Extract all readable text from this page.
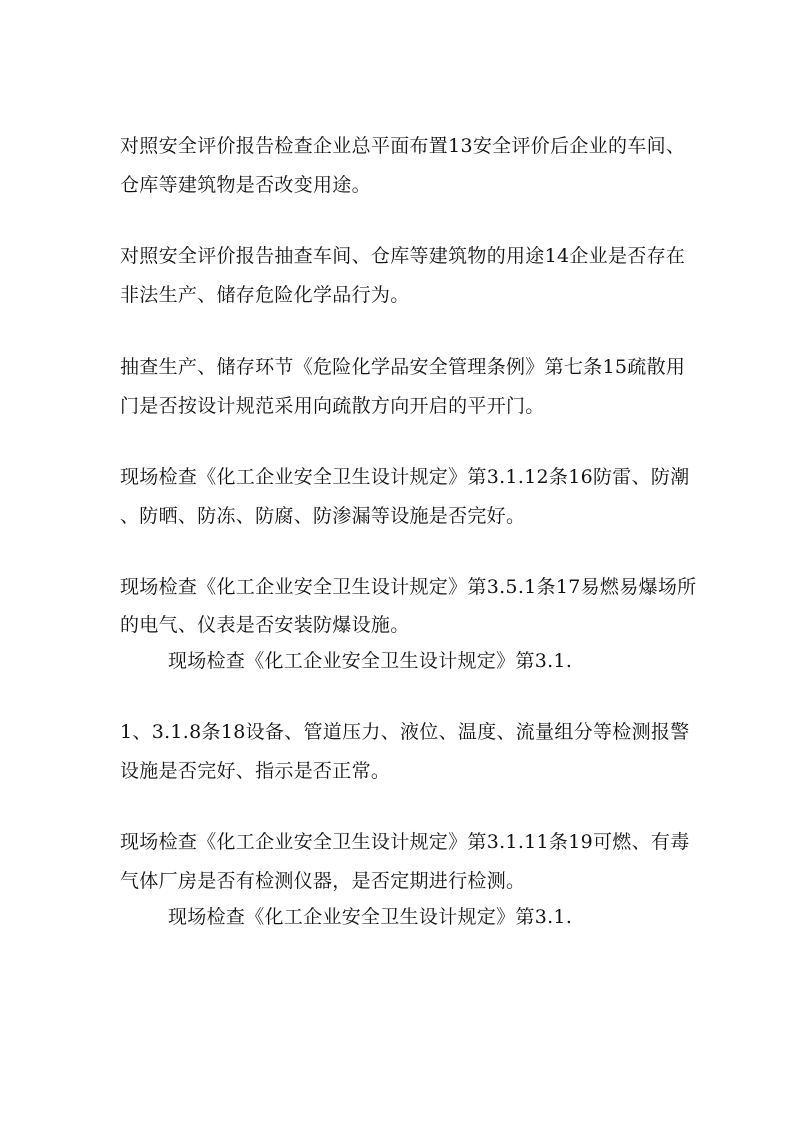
对照安全评价报告检查企业总平面布置13安全评价后企业的车间、
仓库等建筑物是否改变用途。
对照安全评价报告抽查车间、仓库等建筑物的用途14企业是否存在
非法生产、储存危险化学品行为。
抽查生产、储存环节《危险化学品安全管理条例》第七条15疏散用
门是否按设计规范采用向疏散方向开启的平开门。
现场检查《化工企业安全卫生设计规定》第3.1.12条16防雷、防潮
、防晒、防冻、防腐、防渗漏等设施是否完好。
现场检查《化工企业安全卫生设计规定》第3.5.1条17易燃易爆场所
的电气、仪表是否安装防爆设施。
现场检查《化工企业安全卫生设计规定》第3.1.
1、3.1.8条18设备、管道压力、液位、温度、流量组分等检测报警
设施是否完好、指示是否正常。
现场检查《化工企业安全卫生设计规定》第3.1.11条19可燃、有毒
气体厂房是否有检测仪器，是否定期进行检测。
现场检查《化工企业安全卫生设计规定》第3.1.
